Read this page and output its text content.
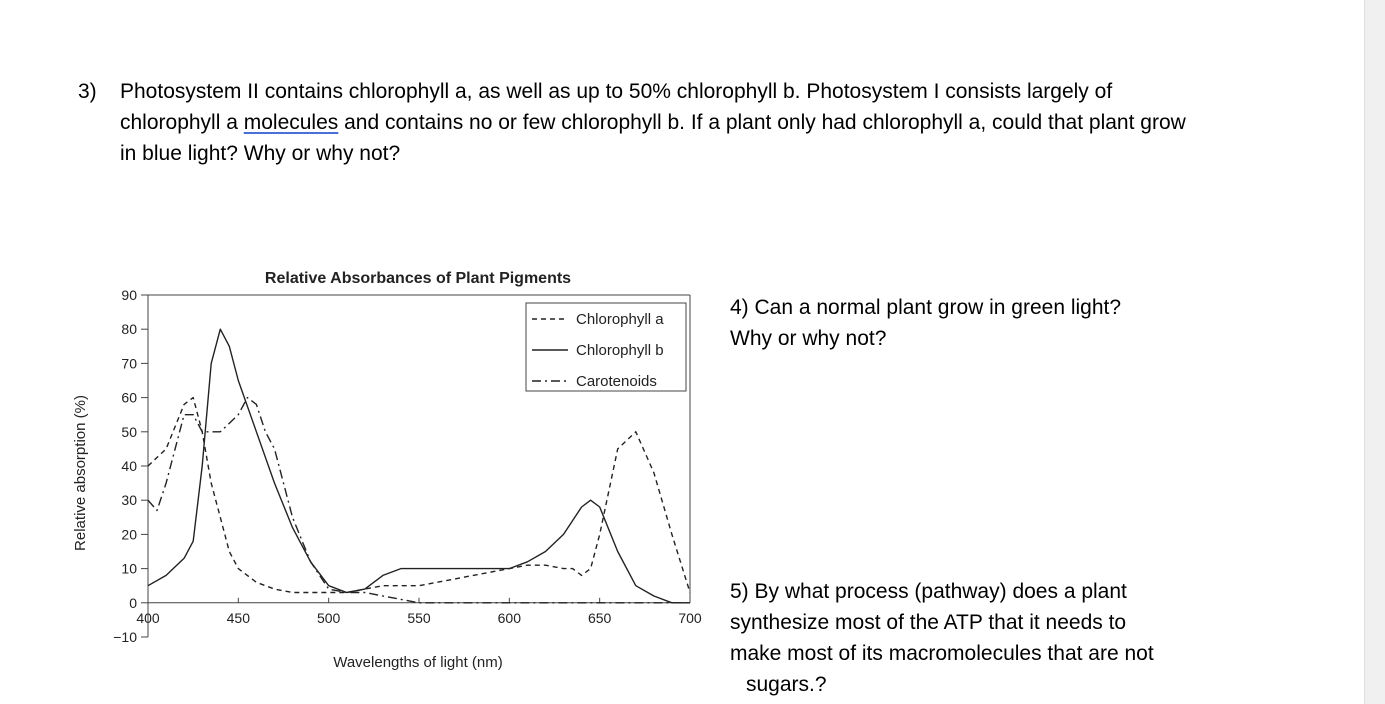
3) Photosystem II contains chlorophyll a, as well as up to 50% chlorophyll b. Photosystem I consists largely of chlorophyll a molecules and contains no or few chlorophyll b. If a plant only had chlorophyll a, could that plant grow in blue light? Why or why not?
Relative Absorbances of Plant Pigments
Wavelengths of light (nm)
Relative absorption (%)
90
80
70
60
50
40
30
20
10
0
−10
400	450	500	550	600	650	700
Chlorophyll a
Chlorophyll b
Carotenoids
4) Can a normal plant grow in green light?
Why or why not?
5) By what process (pathway) does a plant
synthesize most of the ATP that it needs to
make most of its macromolecules that are not
sugars.?
